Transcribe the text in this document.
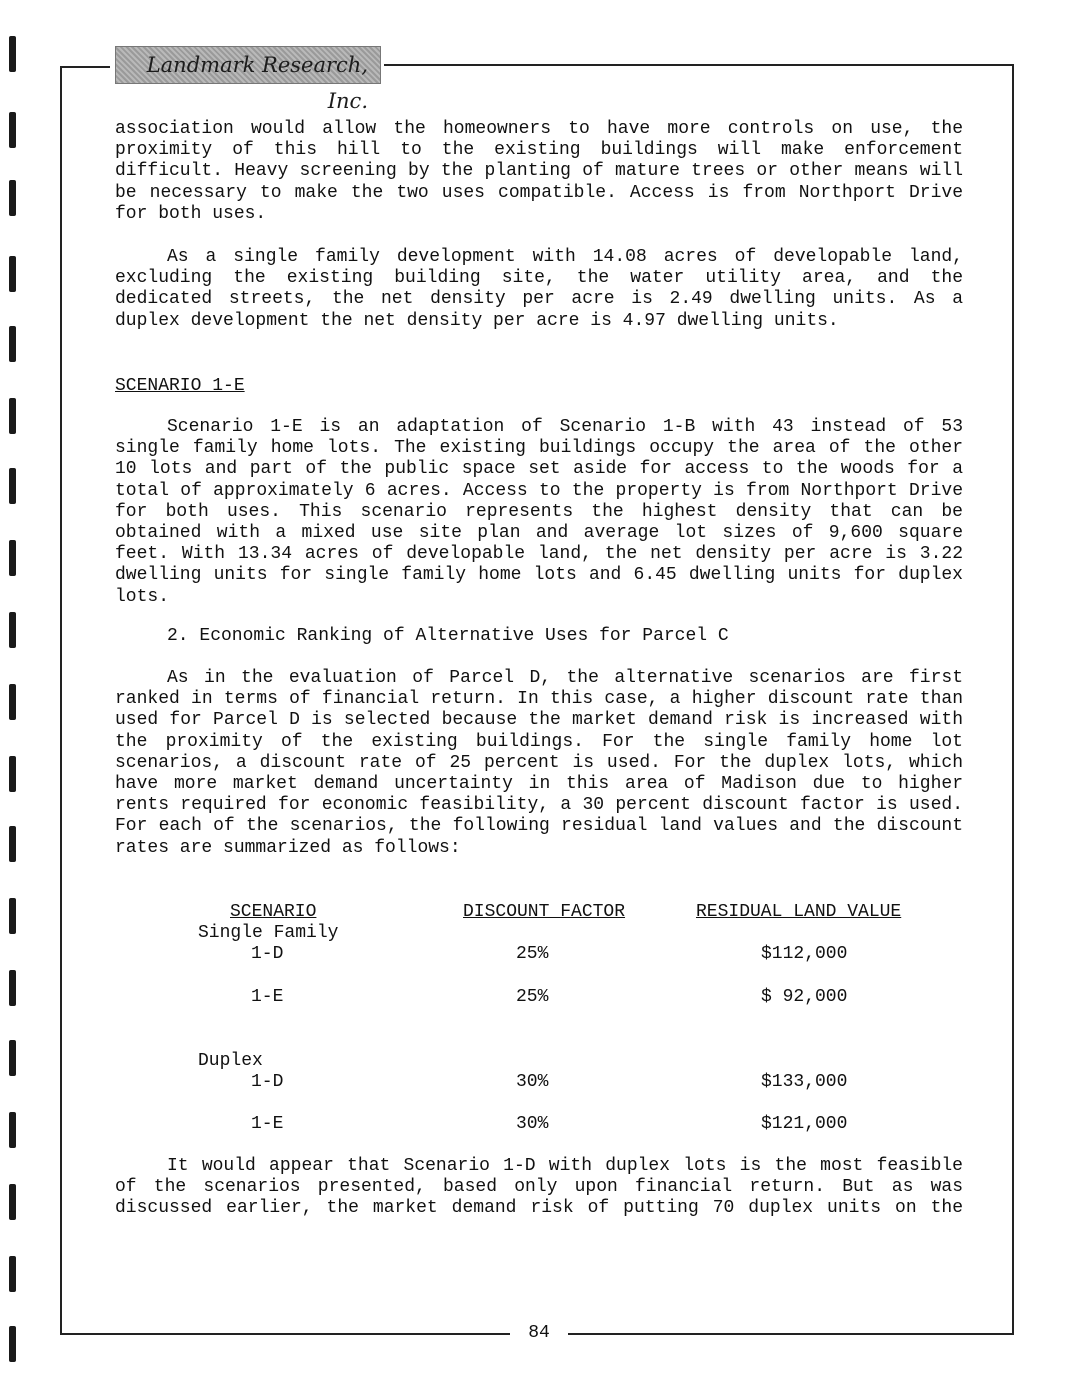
Landmark Research, Inc.

association would allow the homeowners to have more controls on use, the proximity of this hill to the existing buildings will make enforcement difficult. Heavy screening by the planting of mature trees or other means will be necessary to make the two uses compatible. Access is from Northport Drive for both uses.

As a single family development with 14.08 acres of developable land, excluding the existing building site, the water utility area, and the dedicated streets, the net density per acre is 2.49 dwelling units. As a duplex development the net density per acre is 4.97 dwelling units.

SCENARIO 1-E

Scenario 1-E is an adaptation of Scenario 1-B with 43 instead of 53 single family home lots. The existing buildings occupy the area of the other 10 lots and part of the public space set aside for access to the woods for a total of approximately 6 acres. Access to the property is from Northport Drive for both uses. This scenario represents the highest density that can be obtained with a mixed use site plan and average lot sizes of 9,600 square feet. With 13.34 acres of developable land, the net density per acre is 3.22 dwelling units for single family home lots and 6.45 dwelling units for duplex lots.

2. Economic Ranking of Alternative Uses for Parcel C

As in the evaluation of Parcel D, the alternative scenarios are first ranked in terms of financial return. In this case, a higher discount rate than used for Parcel D is selected because the market demand risk is increased with the proximity of the existing buildings. For the single family home lot scenarios, a discount rate of 25 percent is used. For the duplex lots, which have more market demand uncertainty in this area of Madison due to higher rents required for economic feasibility, a 30 percent discount factor is used. For each of the scenarios, the following residual land values and the discount rates are summarized as follows:

SCENARIO	DISCOUNT FACTOR	RESIDUAL LAND VALUE
Single Family
1-D	25%	$112,000
1-E	25%	$ 92,000
Duplex
1-D	30%	$133,000
1-E	30%	$121,000

It would appear that Scenario 1-D with duplex lots is the most feasible of the scenarios presented, based only upon financial return. But as was discussed earlier, the market demand risk of putting 70 duplex units on the

84
